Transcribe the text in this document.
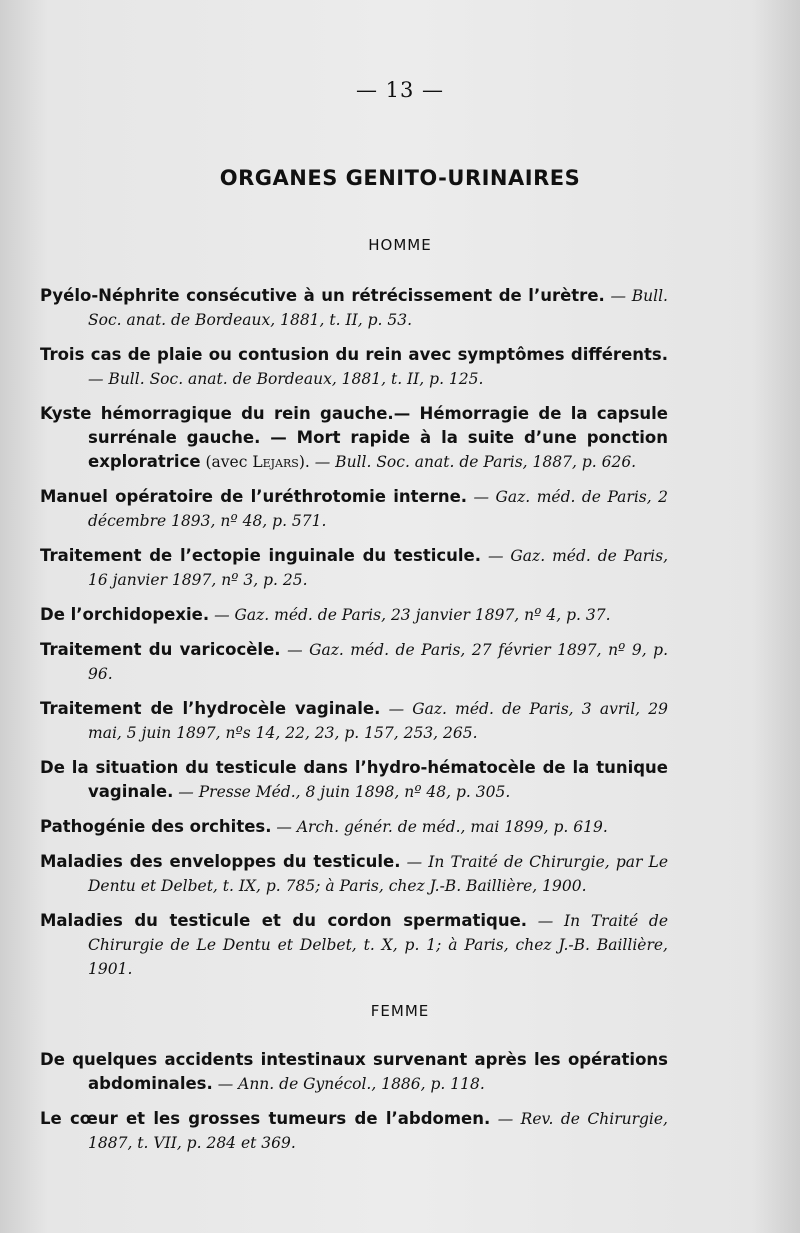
— 13 —
ORGANES GENITO-URINAIRES
HOMME
Pyélo-Néphrite consécutive à un rétrécissement de l’urètre. — Bull. Soc. anat. de Bordeaux, 1881, t. II, p. 53.
Trois cas de plaie ou contusion du rein avec symptômes différents. — Bull. Soc. anat. de Bordeaux, 1881, t. II, p. 125.
Kyste hémorragique du rein gauche.— Hémorragie de la capsule surrénale gauche. — Mort rapide à la suite d’une ponction exploratrice (avec Lejars). — Bull. Soc. anat. de Paris, 1887, p. 626.
Manuel opératoire de l’uréthrotomie interne. — Gaz. méd. de Paris, 2 décembre 1893, nº 48, p. 571.
Traitement de l’ectopie inguinale du testicule. — Gaz. méd. de Paris, 16 janvier 1897, nº 3, p. 25.
De l’orchidopexie. — Gaz. méd. de Paris, 23 janvier 1897, nº 4, p. 37.
Traitement du varicocèle. — Gaz. méd. de Paris, 27 février 1897, nº 9, p. 96.
Traitement de l’hydrocèle vaginale. — Gaz. méd. de Paris, 3 avril, 29 mai, 5 juin 1897, nºs 14, 22, 23, p. 157, 253, 265.
De la situation du testicule dans l’hydro-hématocèle de la tunique vaginale. — Presse Méd., 8 juin 1898, nº 48, p. 305.
Pathogénie des orchites. — Arch. génér. de méd., mai 1899, p. 619.
Maladies des enveloppes du testicule. — In Traité de Chirurgie, par Le Dentu et Delbet, t. IX, p. 785; à Paris, chez J.-B. Baillière, 1900.
Maladies du testicule et du cordon spermatique. — In Traité de Chirurgie de Le Dentu et Delbet, t. X, p. 1; à Paris, chez J.-B. Baillière, 1901.
FEMME
De quelques accidents intestinaux survenant après les opérations abdominales. — Ann. de Gynécol., 1886, p. 118.
Le cœur et les grosses tumeurs de l’abdomen. — Rev. de Chirurgie, 1887, t. VII, p. 284 et 369.
